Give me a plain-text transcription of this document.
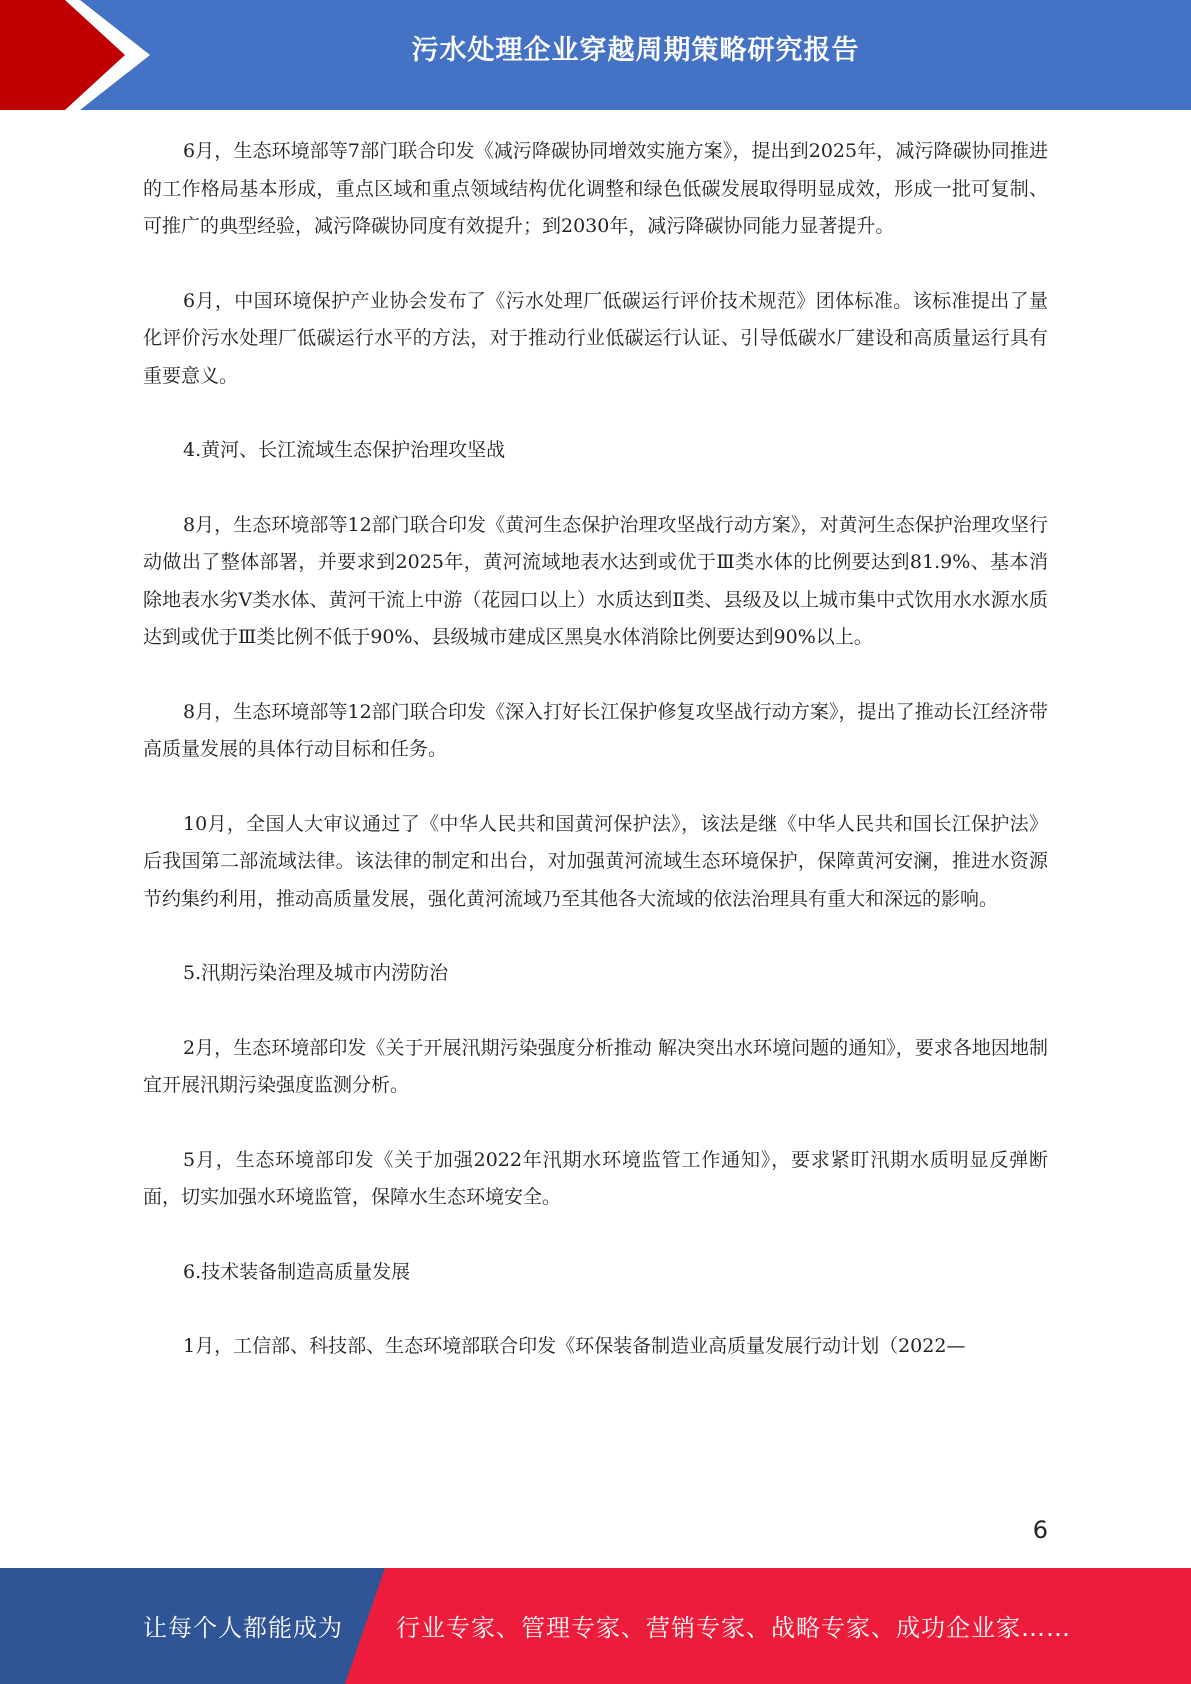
污水处理企业穿越周期策略研究报告

6月，生态环境部等7部门联合印发《减污降碳协同增效实施方案》，提出到2025年，减污降碳协同推进的工作格局基本形成，重点区域和重点领域结构优化调整和绿色低碳发展取得明显成效，形成一批可复制、可推广的典型经验，减污降碳协同度有效提升；到2030年，减污降碳协同能力显著提升。

6月，中国环境保护产业协会发布了《污水处理厂低碳运行评价技术规范》团体标准。该标准提出了量化评价污水处理厂低碳运行水平的方法，对于推动行业低碳运行认证、引导低碳水厂建设和高质量运行具有重要意义。

4.黄河、长江流域生态保护治理攻坚战

8月，生态环境部等12部门联合印发《黄河生态保护治理攻坚战行动方案》，对黄河生态保护治理攻坚行动做出了整体部署，并要求到2025年，黄河流域地表水达到或优于Ⅲ类水体的比例要达到81.9%、基本消除地表水劣Ⅴ类水体、黄河干流上中游（花园口以上）水质达到Ⅱ类、县级及以上城市集中式饮用水水源水质达到或优于Ⅲ类比例不低于90%、县级城市建成区黑臭水体消除比例要达到90%以上。

8月，生态环境部等12部门联合印发《深入打好长江保护修复攻坚战行动方案》，提出了推动长江经济带高质量发展的具体行动目标和任务。

10月，全国人大审议通过了《中华人民共和国黄河保护法》，该法是继《中华人民共和国长江保护法》后我国第二部流域法律。该法律的制定和出台，对加强黄河流域生态环境保护，保障黄河安澜，推进水资源节约集约利用，推动高质量发展，强化黄河流域乃至其他各大流域的依法治理具有重大和深远的影响。

5.汛期污染治理及城市内涝防治

2月，生态环境部印发《关于开展汛期污染强度分析推动 解决突出水环境问题的通知》，要求各地因地制宜开展汛期污染强度监测分析。

5月，生态环境部印发《关于加强2022年汛期水环境监管工作通知》，要求紧盯汛期水质明显反弹断面，切实加强水环境监管，保障水生态环境安全。

6.技术装备制造高质量发展

1月，工信部、科技部、生态环境部联合印发《环保装备制造业高质量发展行动计划（2022—

6
让每个人都能成为 行业专家、管理专家、营销专家、战略专家、成功企业家……
